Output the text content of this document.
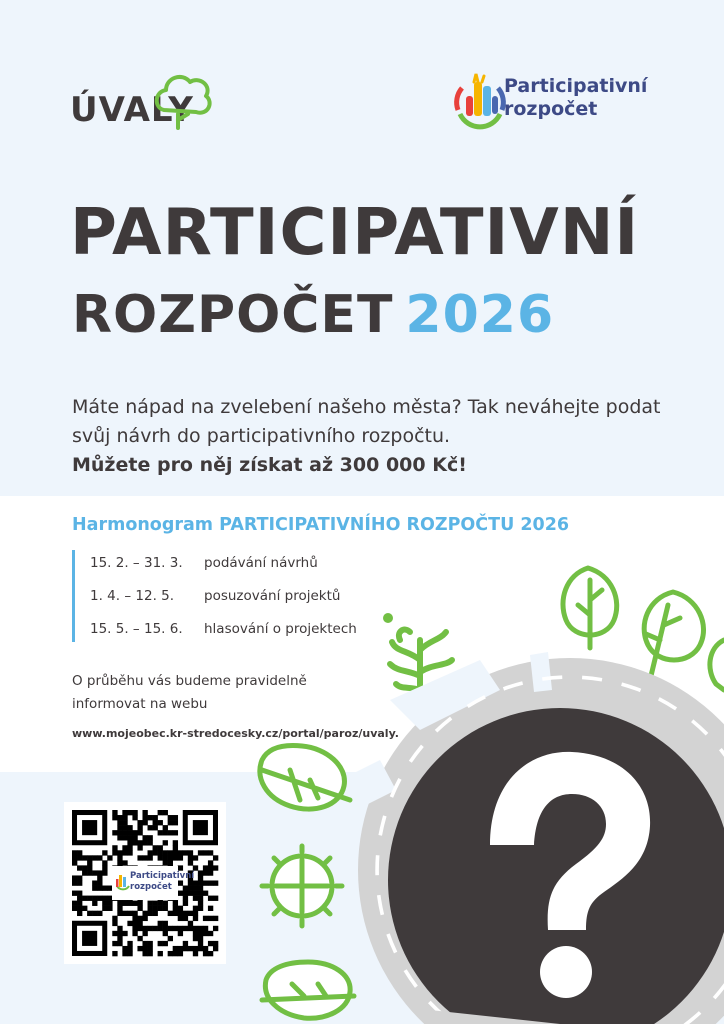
ÚVALY
Participativní
rozpočet
PARTICIPATIVNÍ
ROZPOČET 2026
Máte nápad na zvelebení našeho města? Tak neváhejte podat svůj návrh do participativního rozpočtu.
Můžete pro něj získat až 300 000 Kč!
Harmonogram PARTICIPATIVNÍHO ROZPOČTU 2026
15. 2. – 31. 3. podávání návrhů
1. 4. – 12. 5. posuzování projektů
15. 5. – 15. 6. hlasování o projektech
O průběhu vás budeme pravidelně informovat na webu
www.mojeobec.kr-stredocesky.cz/portal/paroz/uvaly.
Participativní
rozpočet
